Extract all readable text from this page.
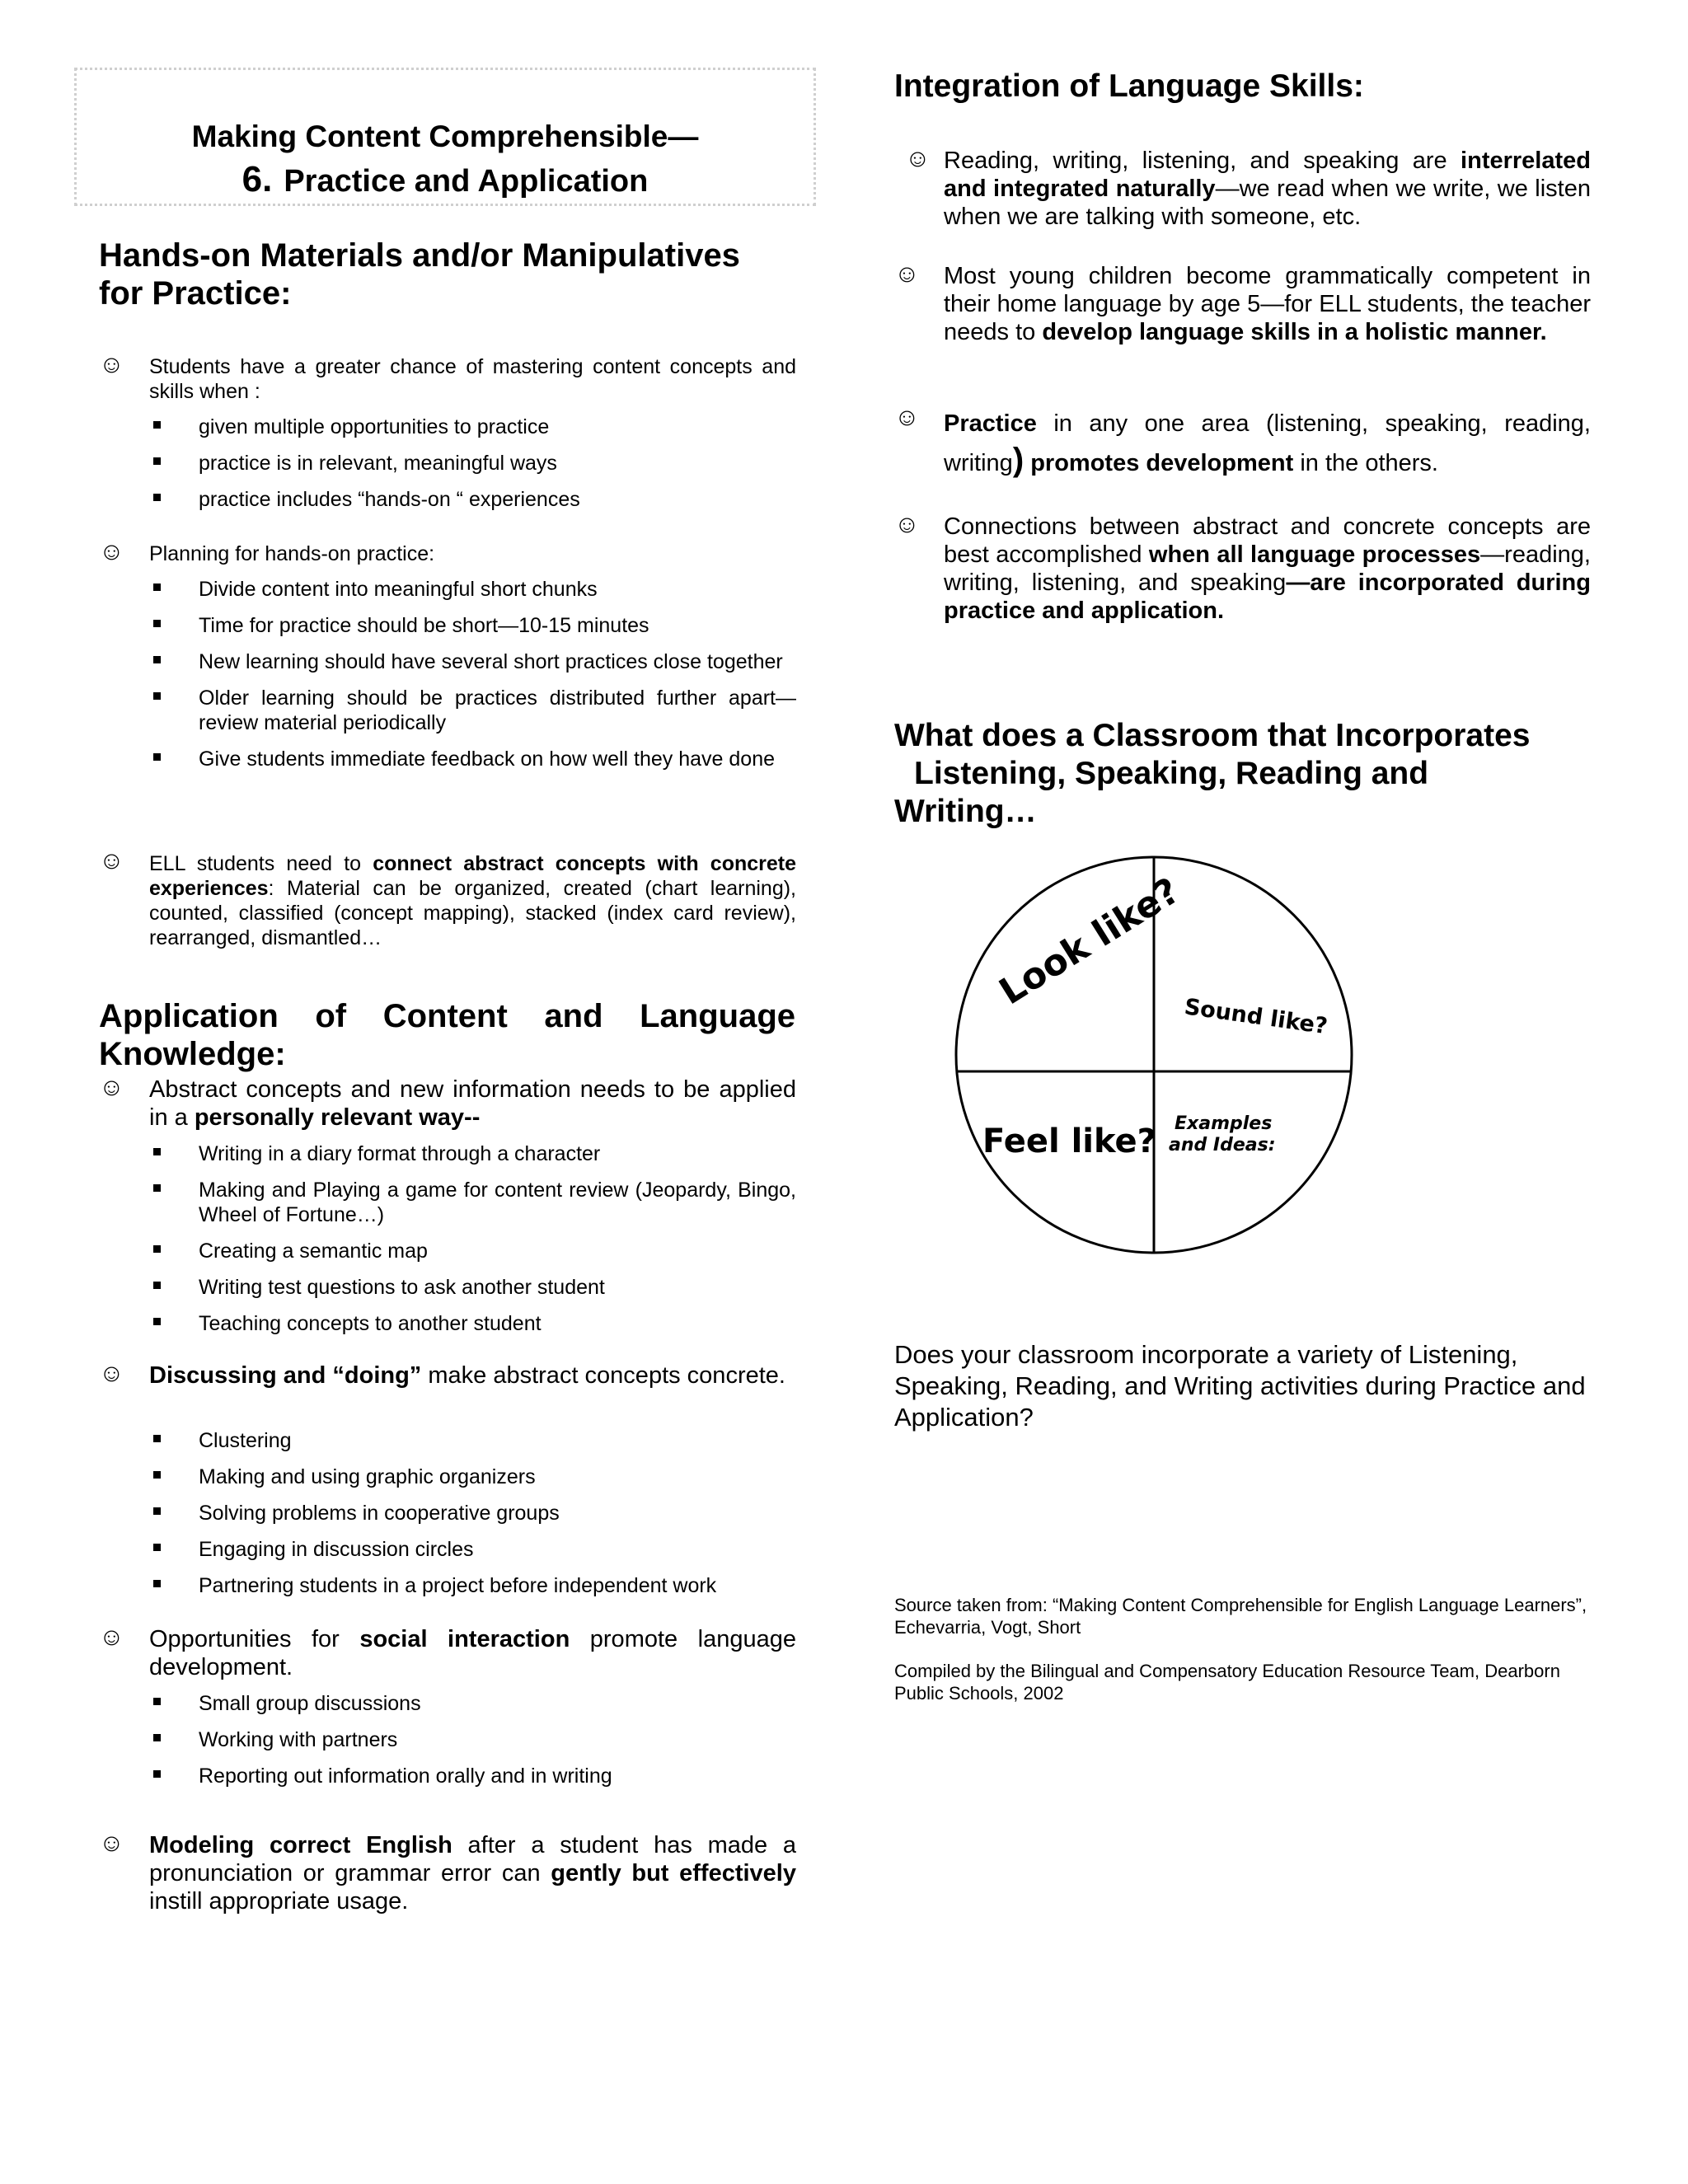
Making Content Comprehensible—
6. Practice and Application
Hands-on Materials and/or Manipulatives
for Practice:
☺ Students have a greater chance of mastering content concepts and skills when :
given multiple opportunities to practice
practice is in relevant, meaningful ways
practice includes “hands-on “ experiences
☺ Planning for hands-on practice:
Divide content into meaningful short chunks
Time for practice should be short—10-15 minutes
New learning should have several short practices close together
Older learning should be practices distributed further apart—review material periodically
Give students immediate feedback on how well they have done
☺ ELL students need to connect abstract concepts with concrete experiences: Material can be organized, created (chart learning), counted, classified (concept mapping), stacked (index card review), rearranged, dismantled…
Application of Content and Language Knowledge:
☺ Abstract concepts and new information needs to be applied in a personally relevant way--
Writing in a diary format through a character
Making and Playing a game for content review (Jeopardy, Bingo, Wheel of Fortune…)
Creating a semantic map
Writing test questions to ask another student
Teaching concepts to another student
☺ Discussing and “doing” make abstract concepts concrete.
Clustering
Making and using graphic organizers
Solving problems in cooperative groups
Engaging in discussion circles
Partnering students in a project before independent work
☺ Opportunities for social interaction promote language development.
Small group discussions
Working with partners
Reporting out information orally and in writing
☺ Modeling correct English after a student has made a pronunciation or grammar error can gently but effectively instill appropriate usage.
Integration of Language Skills:
☺ Reading, writing, listening, and speaking are interrelated and integrated naturally—we read when we write, we listen when we are talking with someone, etc.
☺ Most young children become grammatically competent in their home language by age 5—for ELL students, the teacher needs to develop language skills in a holistic manner.
☺ Practice in any one area (listening, speaking, reading, writing) promotes development in the others.
☺ Connections between abstract and concrete concepts are best accomplished when all language processes—reading, writing, listening, and speaking—are incorporated during practice and application.
What does a Classroom that Incorporates
Listening, Speaking, Reading and
Writing…
Look like?
Sound like?
Feel like? Examples
and Ideas:
Does your classroom incorporate a variety of Listening, Speaking, Reading, and Writing activities during Practice and Application?
Source taken from: “Making Content Comprehensible for English Language Learners”, Echevarria, Vogt, Short
Compiled by the Bilingual and Compensatory Education Resource Team, Dearborn Public Schools, 2002
